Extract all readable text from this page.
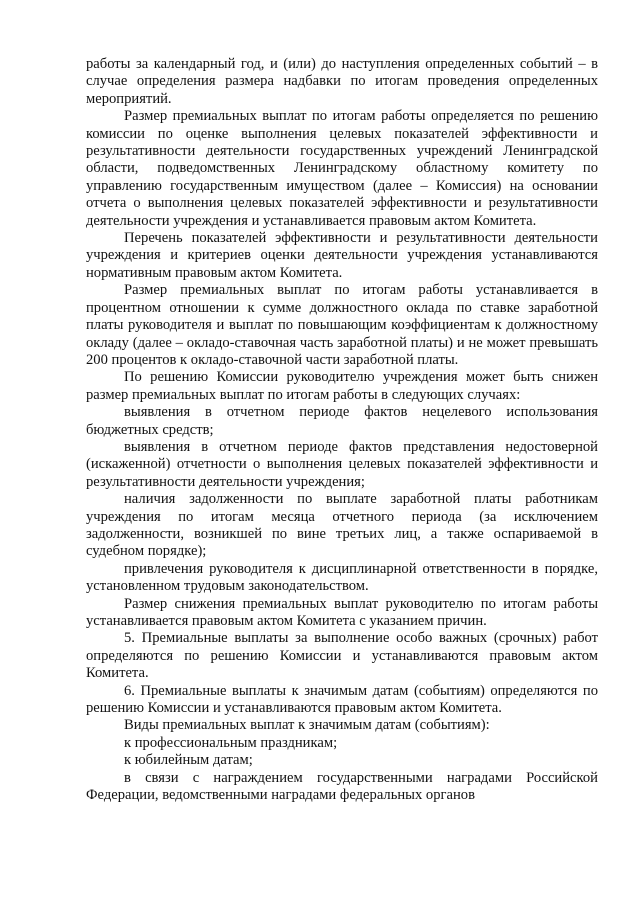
работы за календарный год, и (или) до наступления определенных событий – в случае определения размера надбавки по итогам проведения определенных мероприятий.

Размер премиальных выплат по итогам работы определяется по решению комиссии по оценке выполнения целевых показателей эффективности и результативности деятельности государственных учреждений Ленинградской области, подведомственных Ленинградскому областному комитету по управлению государственным имуществом (далее – Комиссия) на основании отчета о выполнения целевых показателей эффективности и результативности деятельности учреждения и устанавливается правовым актом Комитета.

Перечень показателей эффективности и результативности деятельности учреждения и критериев оценки деятельности учреждения устанавливаются нормативным правовым актом Комитета.

Размер премиальных выплат по итогам работы устанавливается в процентном отношении к сумме должностного оклада по ставке заработной платы руководителя и выплат по повышающим коэффициентам к должностному окладу (далее – окладо-ставочная часть заработной платы) и не может превышать 200 процентов к окладо-ставочной части заработной платы.

По решению Комиссии руководителю учреждения может быть снижен размер премиальных выплат по итогам работы в следующих случаях:

выявления в отчетном периоде фактов нецелевого использования бюджетных средств;

выявления в отчетном периоде фактов представления недостоверной (искаженной) отчетности о выполнения целевых показателей эффективности и результативности деятельности учреждения;

наличия задолженности по выплате заработной платы работникам учреждения по итогам месяца отчетного периода (за исключением задолженности, возникшей по вине третьих лиц, а также оспариваемой в судебном порядке);

привлечения руководителя к дисциплинарной ответственности в порядке, установленном трудовым законодательством.

Размер снижения премиальных выплат руководителю по итогам работы устанавливается правовым актом Комитета с указанием причин.

5. Премиальные выплаты за выполнение особо важных (срочных) работ определяются по решению Комиссии и устанавливаются правовым актом Комитета.

6. Премиальные выплаты к значимым датам (событиям) определяются по решению Комиссии и устанавливаются правовым актом Комитета.

Виды премиальных выплат к значимым датам (событиям):

к профессиональным праздникам;

к юбилейным датам;

в связи с награждением государственными наградами Российской Федерации, ведомственными наградами федеральных органов
